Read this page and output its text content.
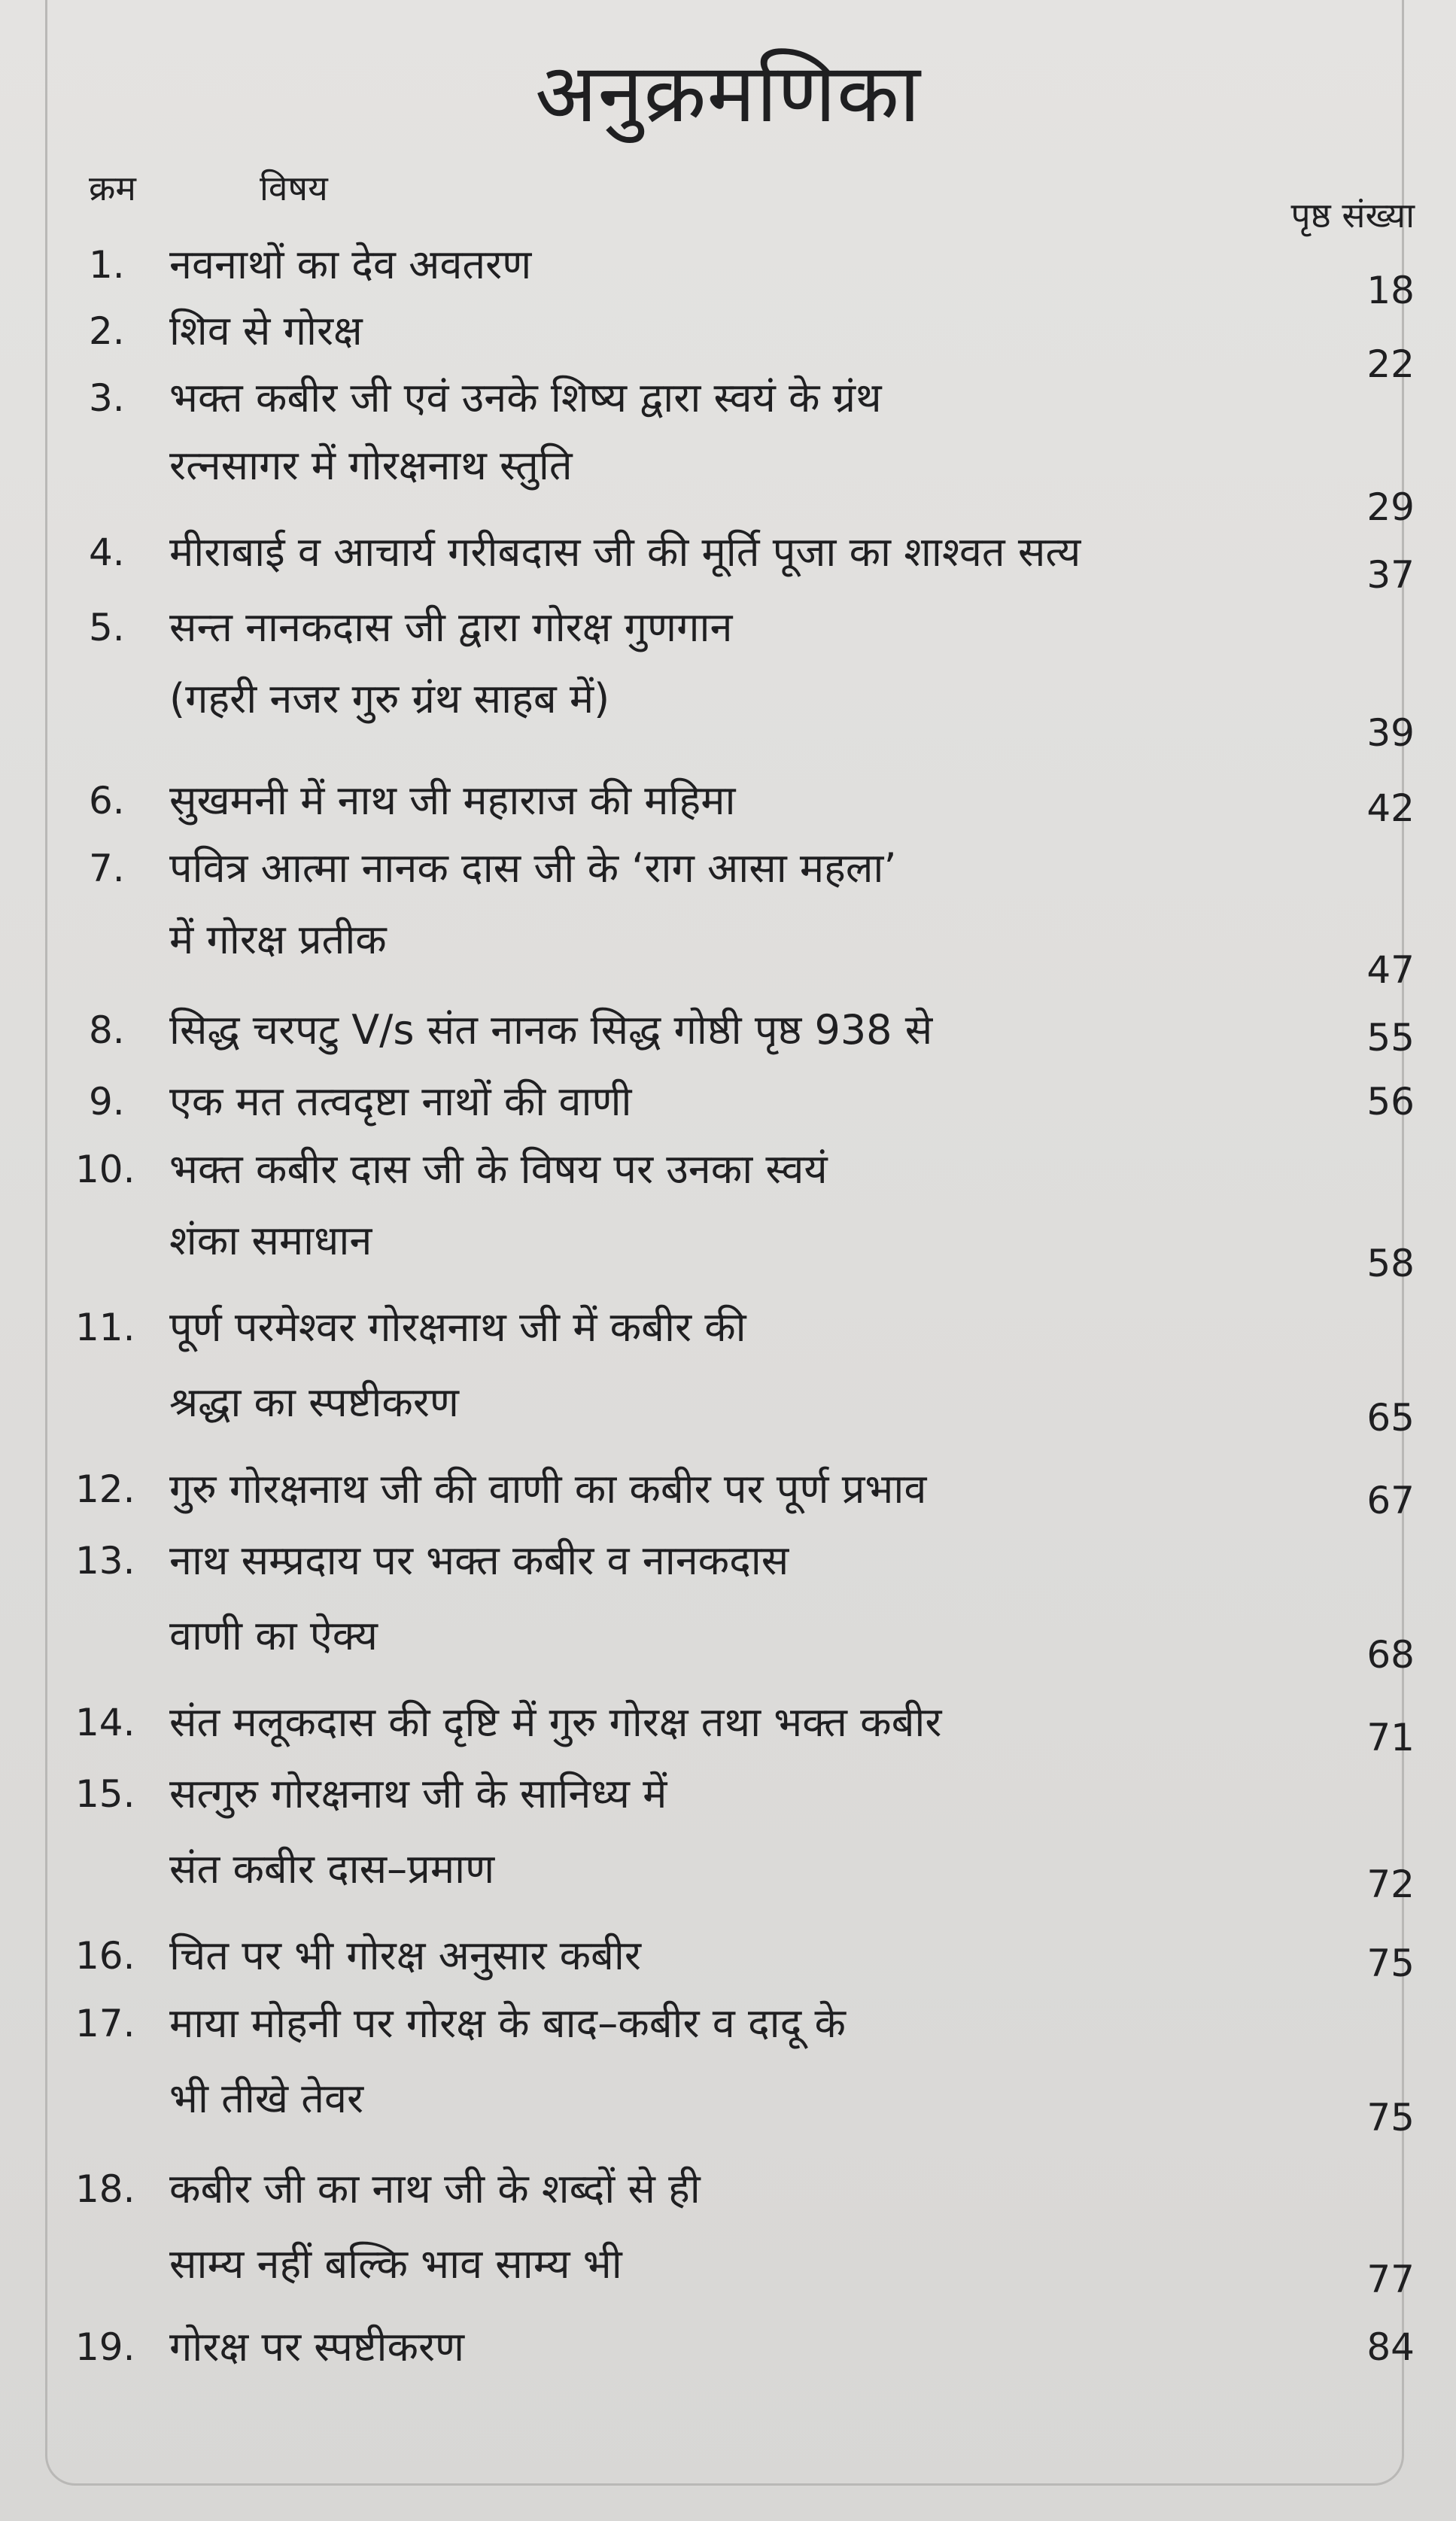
अनुक्रमणिका
क्रम	विषय
पृष्ठ संख्या
1. नवनाथों का देव अवतरण
18
2. शिव से गोरक्ष
22
3. भक्त कबीर जी एवं उनके शिष्य द्वारा स्वयं के ग्रंथ
रत्नसागर में गोरक्षनाथ स्तुति
29
4. मीराबाई व आचार्य गरीबदास जी की मूर्ति पूजा का शाश्वत सत्य	37
5. सन्त नानकदास जी द्वारा गोरक्ष गुणगान
(गहरी नजर गुरु ग्रंथ साहब में)
39
6. सुखमनी में नाथ जी महाराज की महिमा	42
7. पवित्र आत्मा नानक दास जी के ‘राग आसा महला’
में गोरक्ष प्रतीक
47
8. सिद्ध चरपटु V/s संत नानक सिद्ध गोष्ठी पृष्ठ 938 से	55
9. एक मत तत्वदृष्टा नाथों की वाणी	56
10. भक्त कबीर दास जी के विषय पर उनका स्वयं
शंका समाधान	58
11. पूर्ण परमेश्वर गोरक्षनाथ जी में कबीर की
श्रद्धा का स्पष्टीकरण	65
12. गुरु गोरक्षनाथ जी की वाणी का कबीर पर पूर्ण प्रभाव	67
13. नाथ सम्प्रदाय पर भक्त कबीर व नानकदास
वाणी का ऐक्य	68
14. संत मलूकदास की दृष्टि में गुरु गोरक्ष तथा भक्त कबीर	71
15. सत्गुरु गोरक्षनाथ जी के सानिध्य में
संत कबीर दास–प्रमाण	72
16. चित पर भी गोरक्ष अनुसार कबीर	75
17. माया मोहनी पर गोरक्ष के बाद–कबीर व दादू के
भी तीखे तेवर	75
18. कबीर जी का नाथ जी के शब्दों से ही
साम्य नहीं बल्कि भाव साम्य भी	77
19. गोरक्ष पर स्पष्टीकरण	84
